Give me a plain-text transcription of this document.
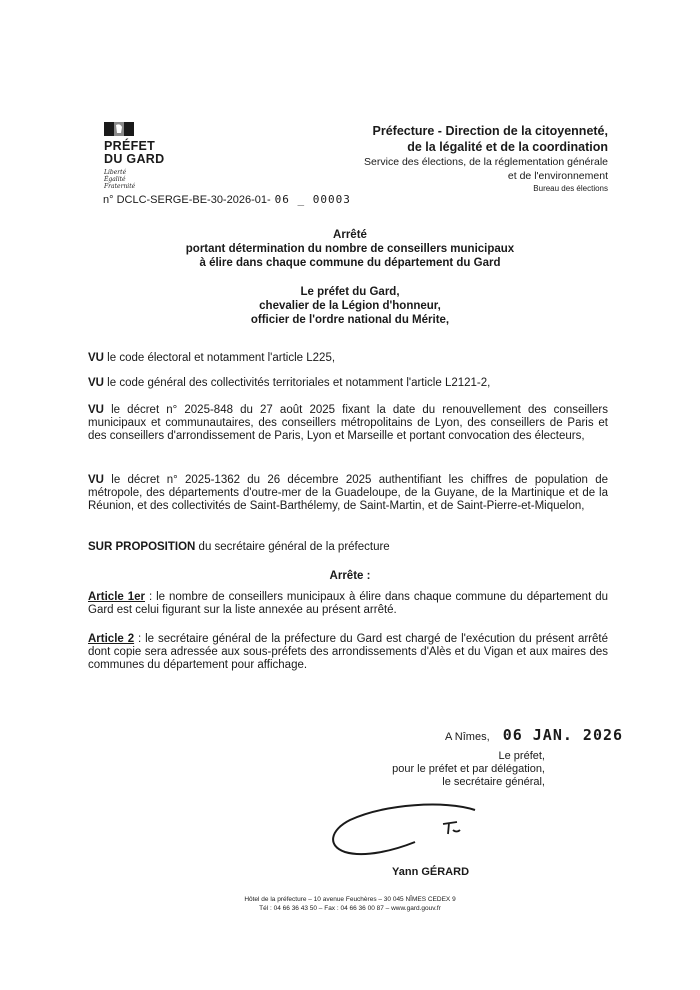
PRÉFET
DU GARD
Liberté
Égalité
Fraternité
Préfecture - Direction de la citoyenneté,
de la légalité et de la coordination
Service des élections, de la réglementation générale
et de l'environnement
Bureau des élections
n° DCLC-SERGE-BE-30-2026-01- 06 _ 00003
Arrêté
portant détermination du nombre de conseillers municipaux
à élire dans chaque commune du département du Gard
Le préfet du Gard,
chevalier de la Légion d'honneur,
officier de l'ordre national du Mérite,
VU le code électoral et notamment l'article L225,
VU le code général des collectivités territoriales et notamment l'article L2121-2,
VU le décret n° 2025-848 du 27 août 2025 fixant la date du renouvellement des conseillers municipaux et communautaires, des conseillers métropolitains de Lyon, des conseillers de Paris et des conseillers d'arrondissement de Paris, Lyon et Marseille et portant convocation des électeurs,
VU le décret n° 2025-1362 du 26 décembre 2025 authentifiant les chiffres de population de métropole, des départements d'outre-mer de la Guadeloupe, de la Guyane, de la Martinique et de la Réunion, et des collectivités de Saint-Barthélemy, de Saint-Martin, et de Saint-Pierre-et-Miquelon,
SUR PROPOSITION du secrétaire général de la préfecture
Arrête :
Article 1er : le nombre de conseillers municipaux à élire dans chaque commune du département du Gard est celui figurant sur la liste annexée au présent arrêté.
Article 2 : le secrétaire général de la préfecture du Gard est chargé de l'exécution du présent arrêté dont copie sera adressée aux sous-préfets des arrondissements d'Alès et du Vigan et aux maires des communes du département pour affichage.
A Nîmes, 06 JAN. 2026
Le préfet,
pour le préfet et par délégation,
le secrétaire général,
Yann GÉRARD
Hôtel de la préfecture – 10 avenue Feuchères – 30 045 NÎMES CEDEX 9
Tél : 04 66 36 43 50 – Fax : 04 66 36 00 87 – www.gard.gouv.fr
